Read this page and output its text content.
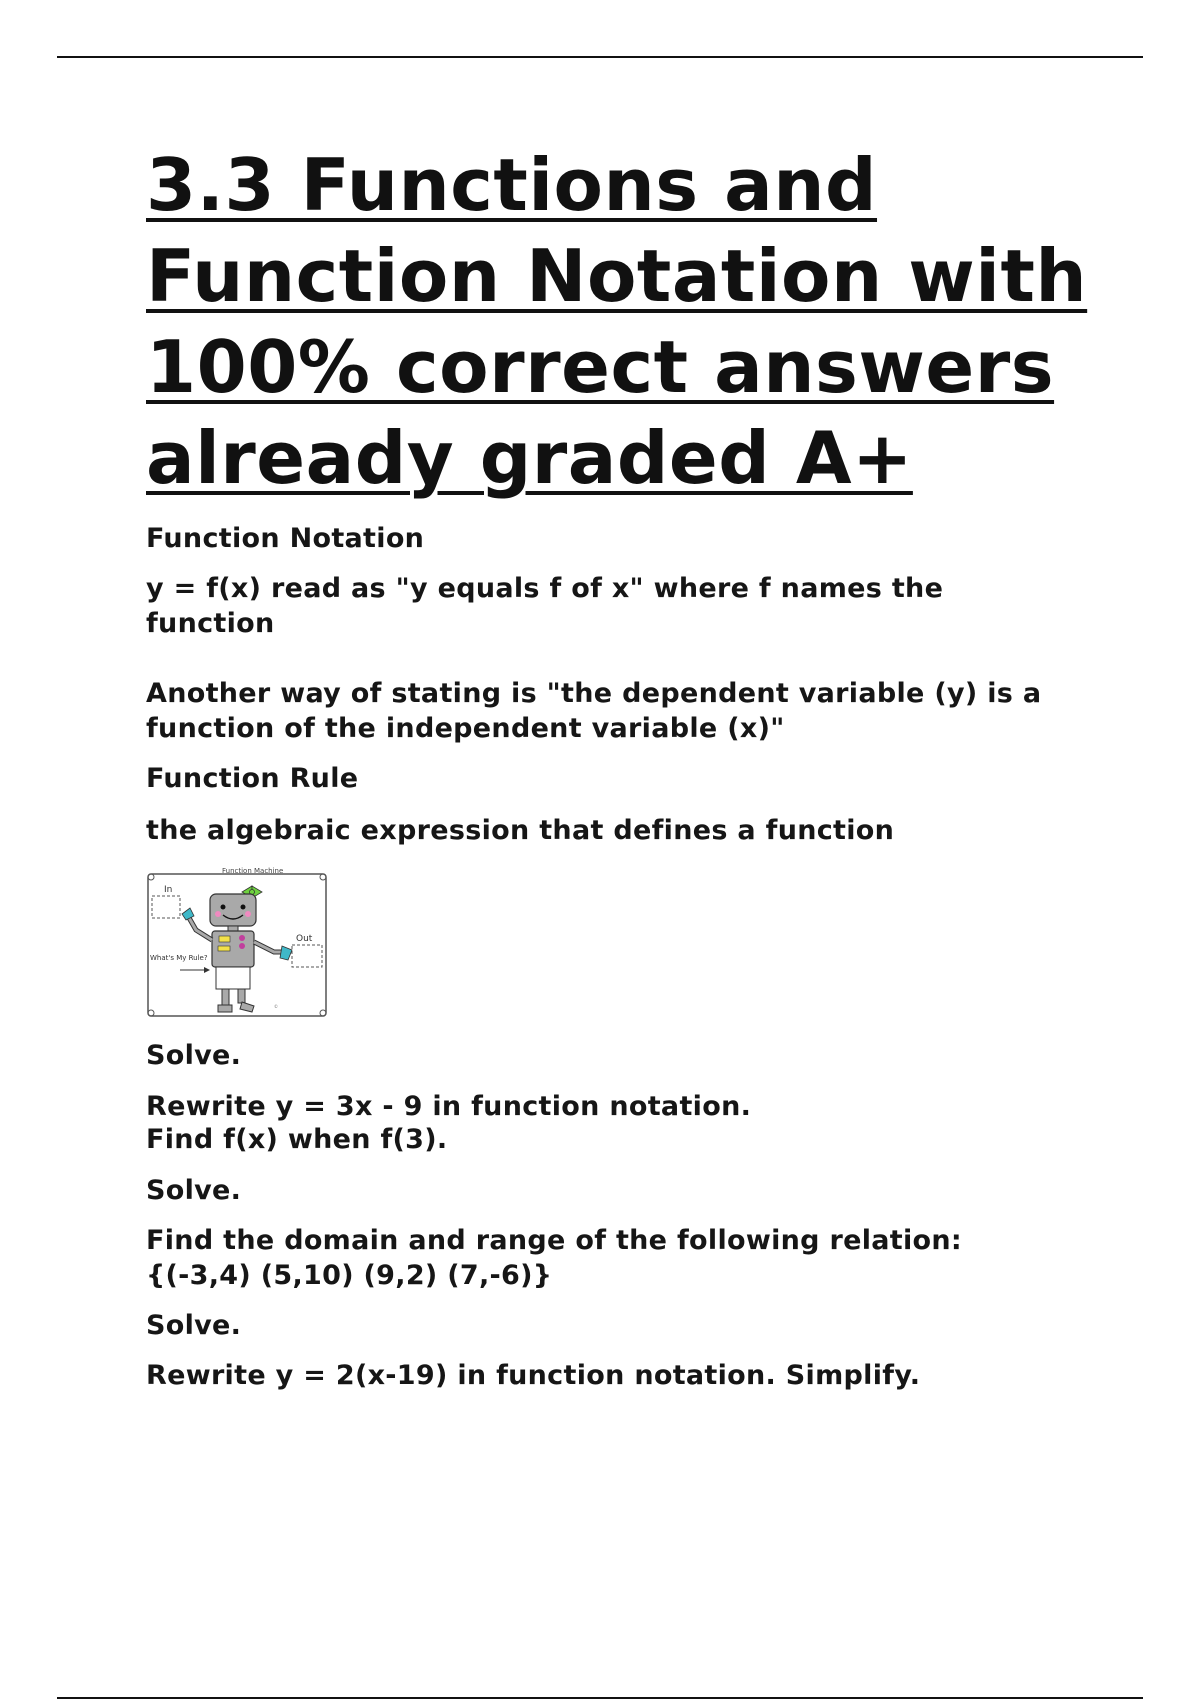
3.3 Functions and
Function Notation with
100% correct answers
already graded A+

Function Notation

y = f(x) read as "y equals f of x" where f names the
function

Another way of stating is "the dependent variable (y) is a
function of the independent variable (x)"

Function Rule

the algebraic expression that defines a function

Function Machine
In
Out
What's My Rule?
©

Solve.

Rewrite y = 3x - 9 in function notation.
Find f(x) when f(3).

Solve.

Find the domain and range of the following relation:
{(-3,4) (5,10) (9,2) (7,-6)}

Solve.

Rewrite y = 2(x-19) in function notation. Simplify.
